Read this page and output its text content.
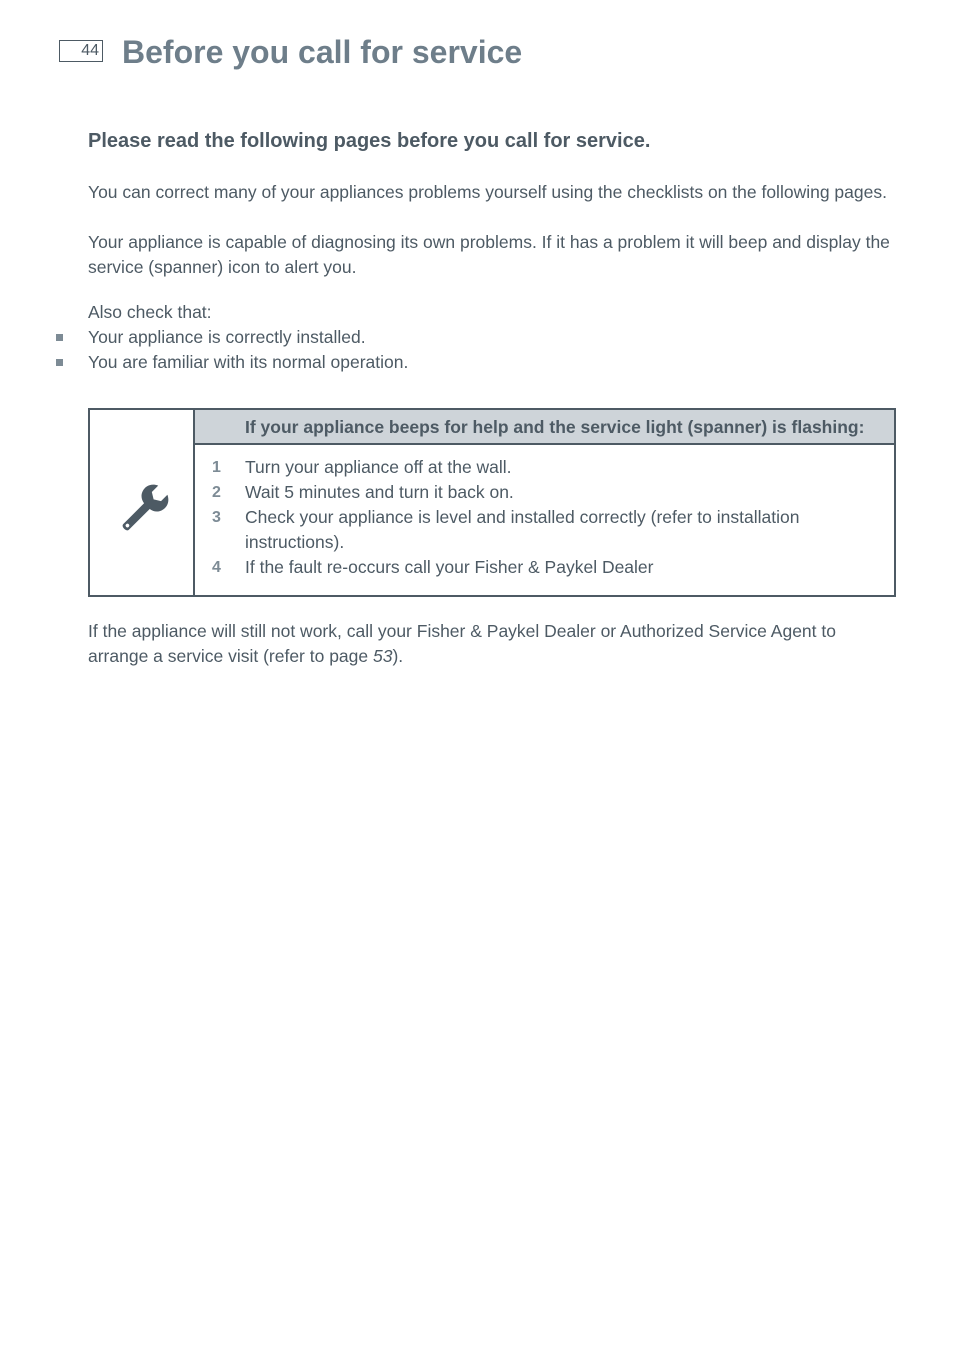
44 Before you call for service
Please read the following pages before you call for service.

You can correct many of your appliances problems yourself using the checklists on the following pages.

Your appliance is capable of diagnosing its own problems. If it has a problem it will beep and display the service (spanner) icon to alert you.

Also check that:

Your appliance is correctly installed.
You are familiar with its normal operation.
If your appliance beeps for help and the service light (spanner) is flashing:
1	Turn your appliance off at the wall.
2	Wait 5 minutes and turn it back on.
3	Check your appliance is level and installed correctly (refer to installation instructions).
4	If the fault re-occurs call your Fisher & Paykel Dealer

If the appliance will still not work, call your Fisher & Paykel Dealer or Authorized Service Agent to arrange a service visit (refer to page 53).
